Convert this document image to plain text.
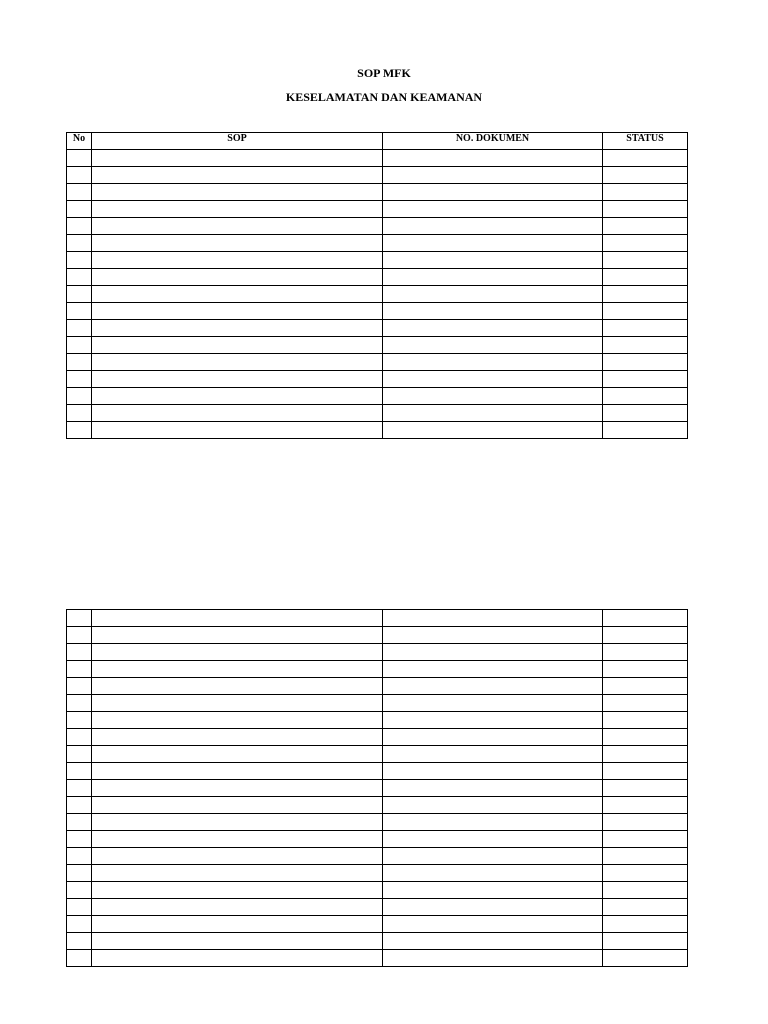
SOP MFK
KESELAMATAN DAN KEAMANAN
No	SOP	NO. DOKUMEN	STATUS
